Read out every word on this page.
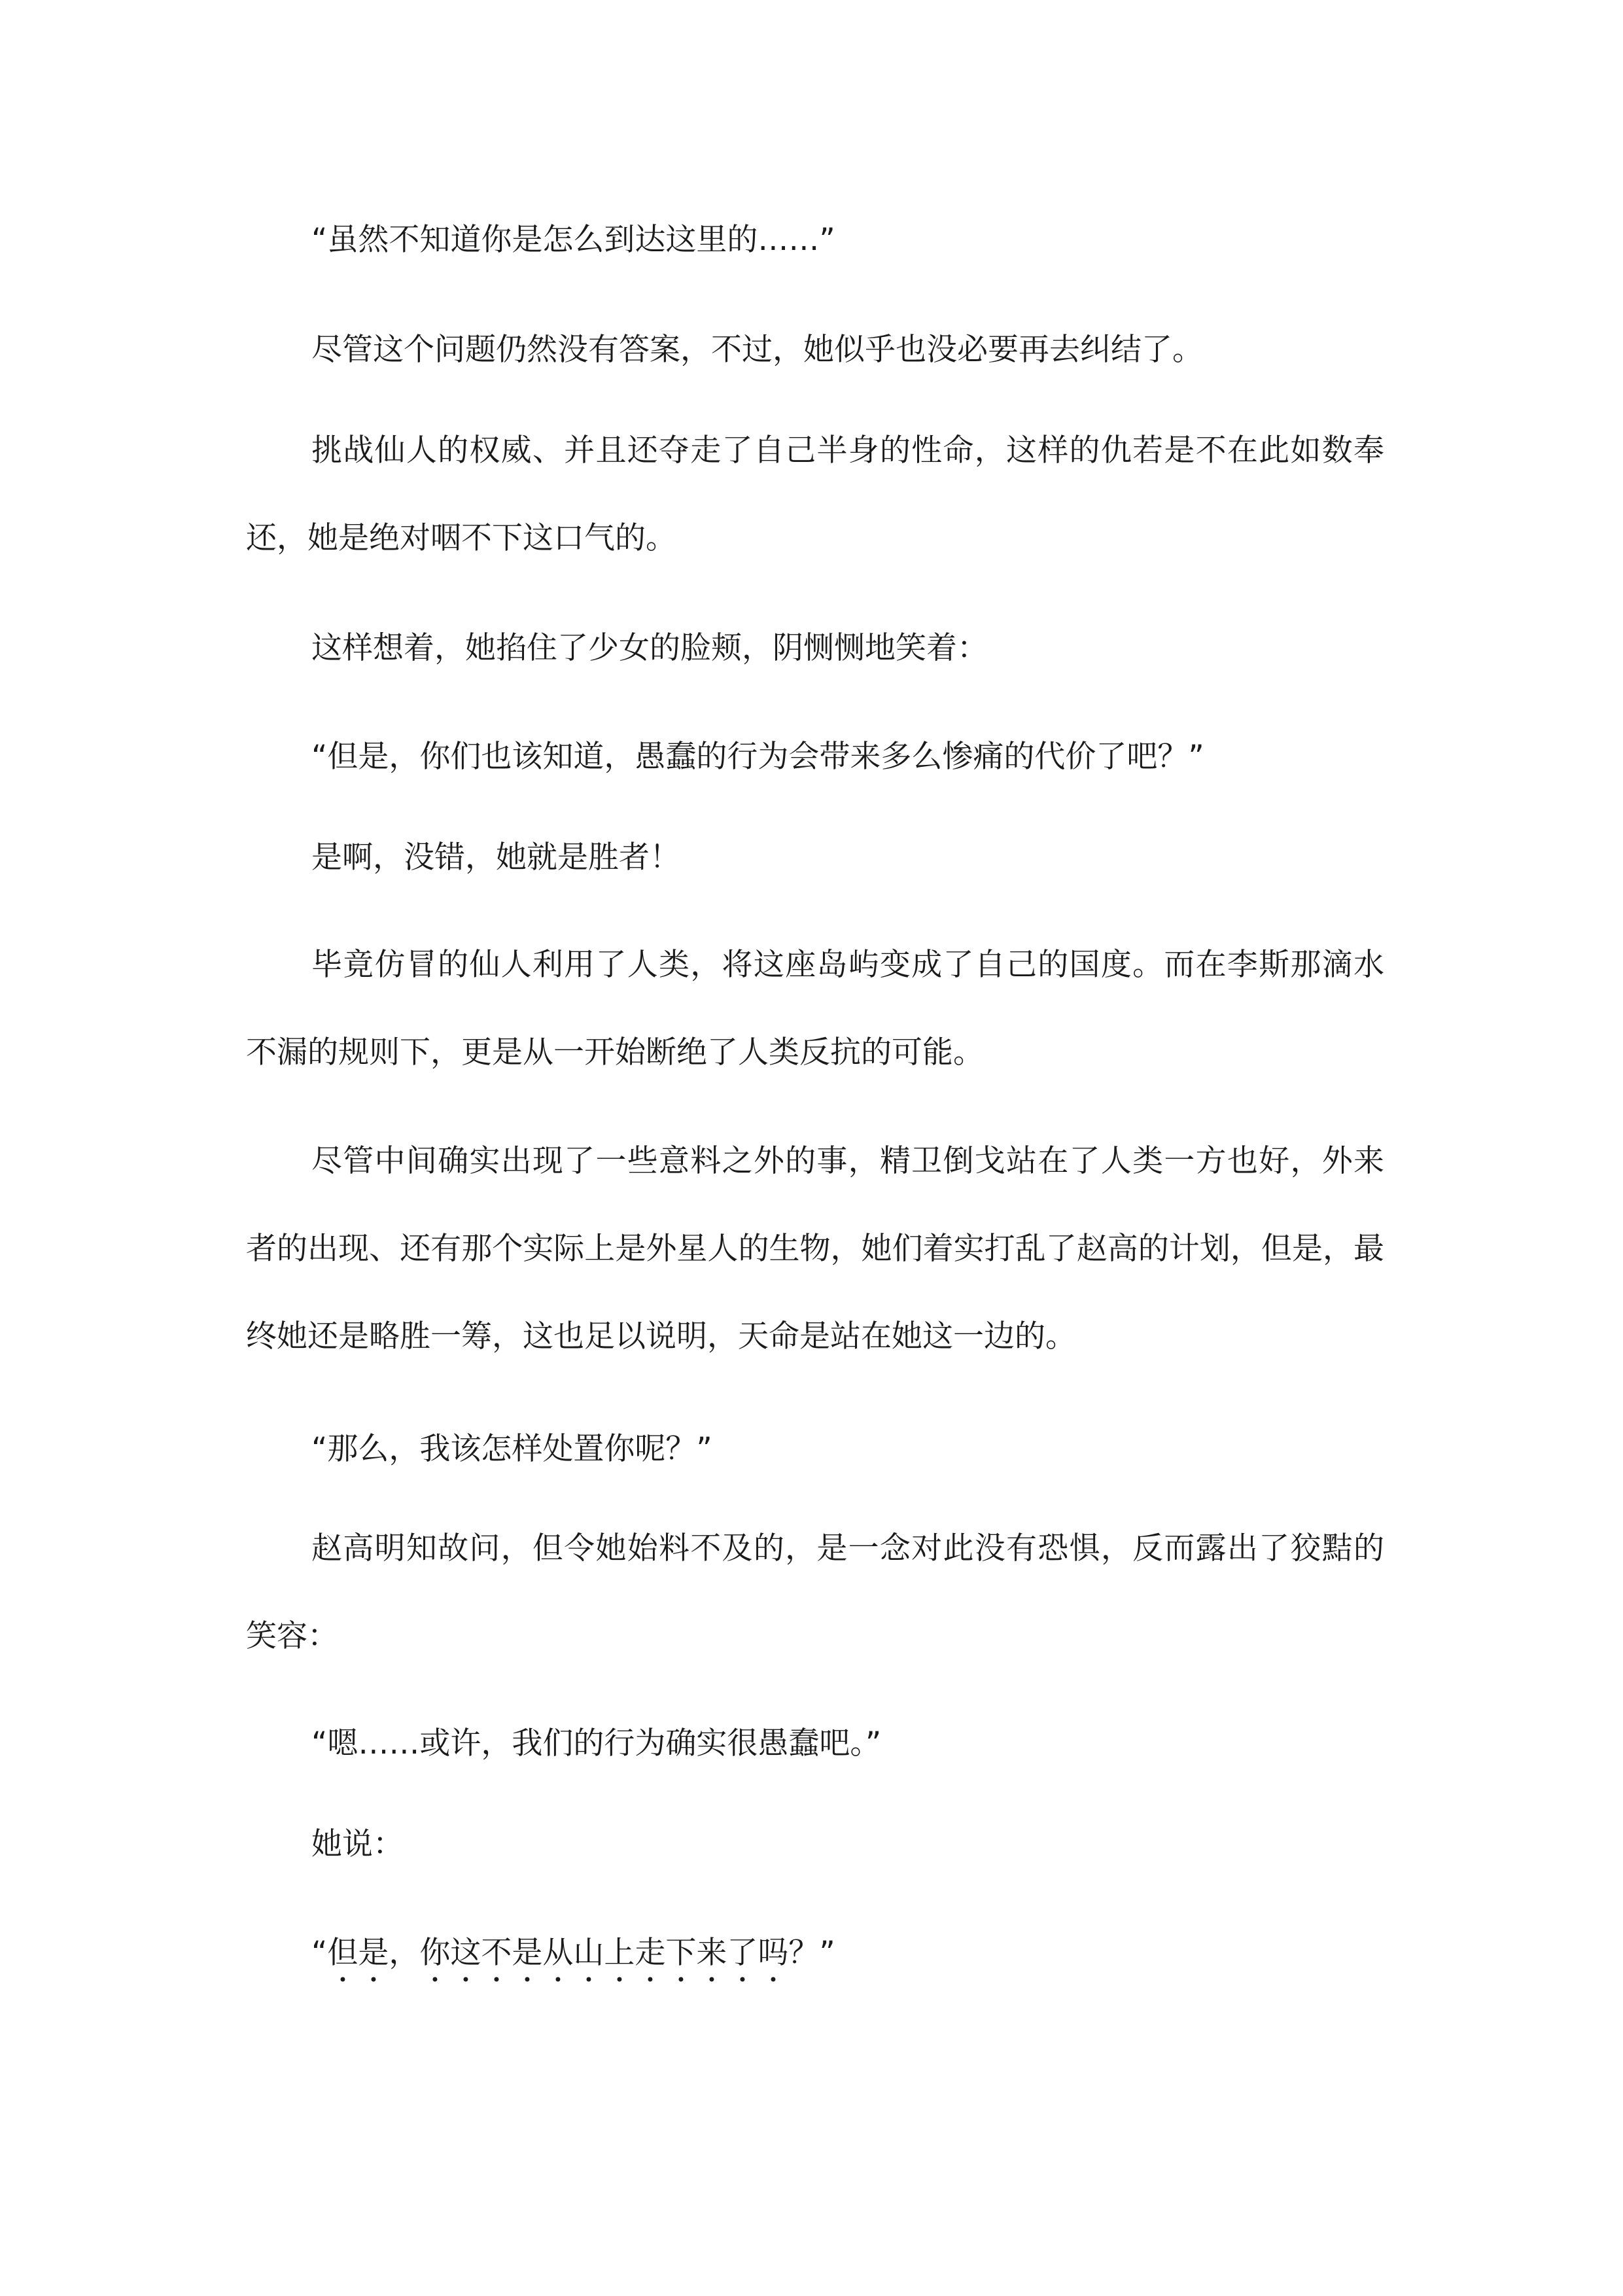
“虽然不知道你是怎么到达这里的……”

尽管这个问题仍然没有答案，不过，她似乎也没必要再去纠结了。

挑战仙人的权威、并且还夺走了自己半身的性命，这样的仇若是不在此如数奉还，她是绝对咽不下这口气的。

这样想着，她掐住了少女的脸颊，阴恻恻地笑着：

“但是，你们也该知道，愚蠢的行为会带来多么惨痛的代价了吧？”

是啊，没错，她就是胜者！

毕竟仿冒的仙人利用了人类，将这座岛屿变成了自己的国度。而在李斯那滴水不漏的规则下，更是从一开始断绝了人类反抗的可能。

尽管中间确实出现了一些意料之外的事，精卫倒戈站在了人类一方也好，外来者的出现、还有那个实际上是外星人的生物，她们着实打乱了赵高的计划，但是，最终她还是略胜一筹，这也足以说明，天命是站在她这一边的。

“那么，我该怎样处置你呢？”

赵高明知故问，但令她始料不及的，是一念对此没有恐惧，反而露出了狡黠的笑容：

“嗯……或许，我们的行为确实很愚蠢吧。”

她说：

“但是，你这不是从山上走下来了吗？”
